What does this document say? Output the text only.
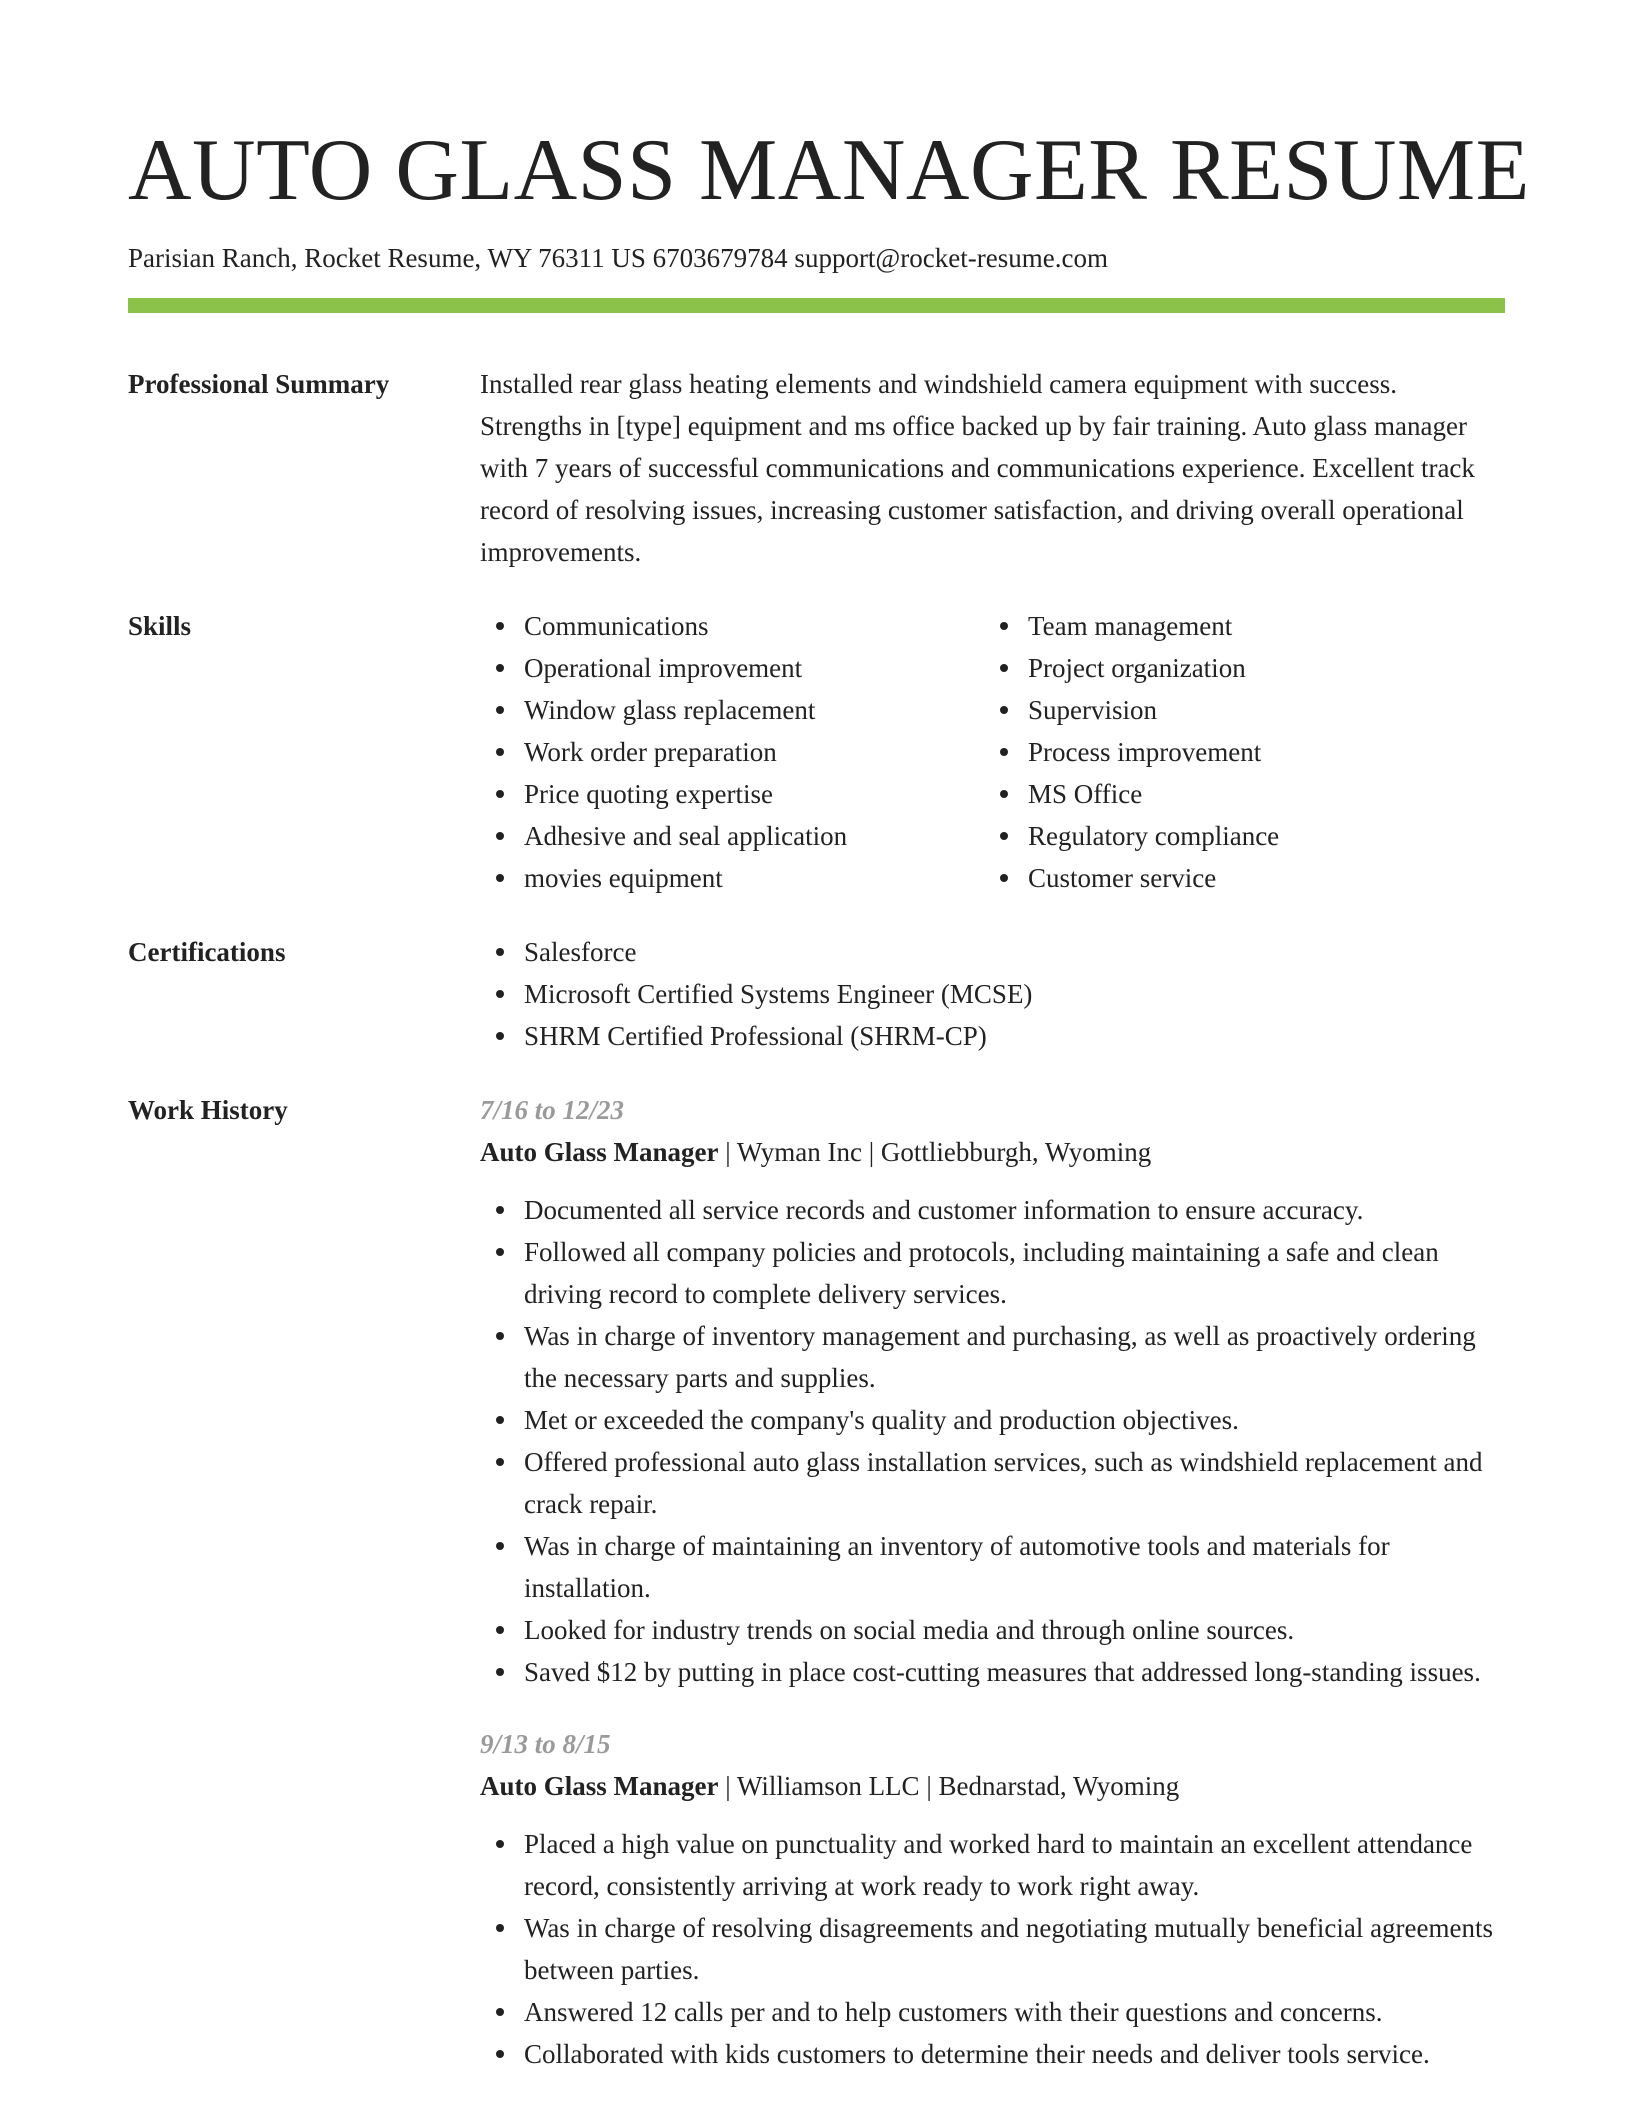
AUTO GLASS MANAGER RESUME
Parisian Ranch, Rocket Resume, WY 76311 US 6703679784 support@rocket-resume.com
Professional Summary	Installed rear glass heating elements and windshield camera equipment with success. Strengths in [type] equipment and ms office backed up by fair training. Auto glass manager with 7 years of successful communications and communications experience. Excellent track record of resolving issues, increasing customer satisfaction, and driving overall operational improvements.

Skills	Communications
Operational improvement
Window glass replacement
Work order preparation
Price quoting expertise
Adhesive and seal application
movies equipment
Team management
Project organization
Supervision
Process improvement
MS Office
Regulatory compliance
Customer service
Certifications	Salesforce
Microsoft Certified Systems Engineer (MCSE)
SHRM Certified Professional (SHRM-CP)
Work History	7/16 to 12/23
Auto Glass Manager | Wyman Inc | Gottliebburgh, Wyoming
Documented all service records and customer information to ensure accuracy.
Followed all company policies and protocols, including maintaining a safe and clean driving record to complete delivery services.
Was in charge of inventory management and purchasing, as well as proactively ordering the necessary parts and supplies.
Met or exceeded the company's quality and production objectives.
Offered professional auto glass installation services, such as windshield replacement and crack repair.
Was in charge of maintaining an inventory of automotive tools and materials for installation.
Looked for industry trends on social media and through online sources.
Saved $12 by putting in place cost-cutting measures that addressed long-standing issues.
9/13 to 8/15
Auto Glass Manager | Williamson LLC | Bednarstad, Wyoming
Placed a high value on punctuality and worked hard to maintain an excellent attendance record, consistently arriving at work ready to work right away.
Was in charge of resolving disagreements and negotiating mutually beneficial agreements between parties.
Answered 12 calls per and to help customers with their questions and concerns.
Collaborated with kids customers to determine their needs and deliver tools service.
